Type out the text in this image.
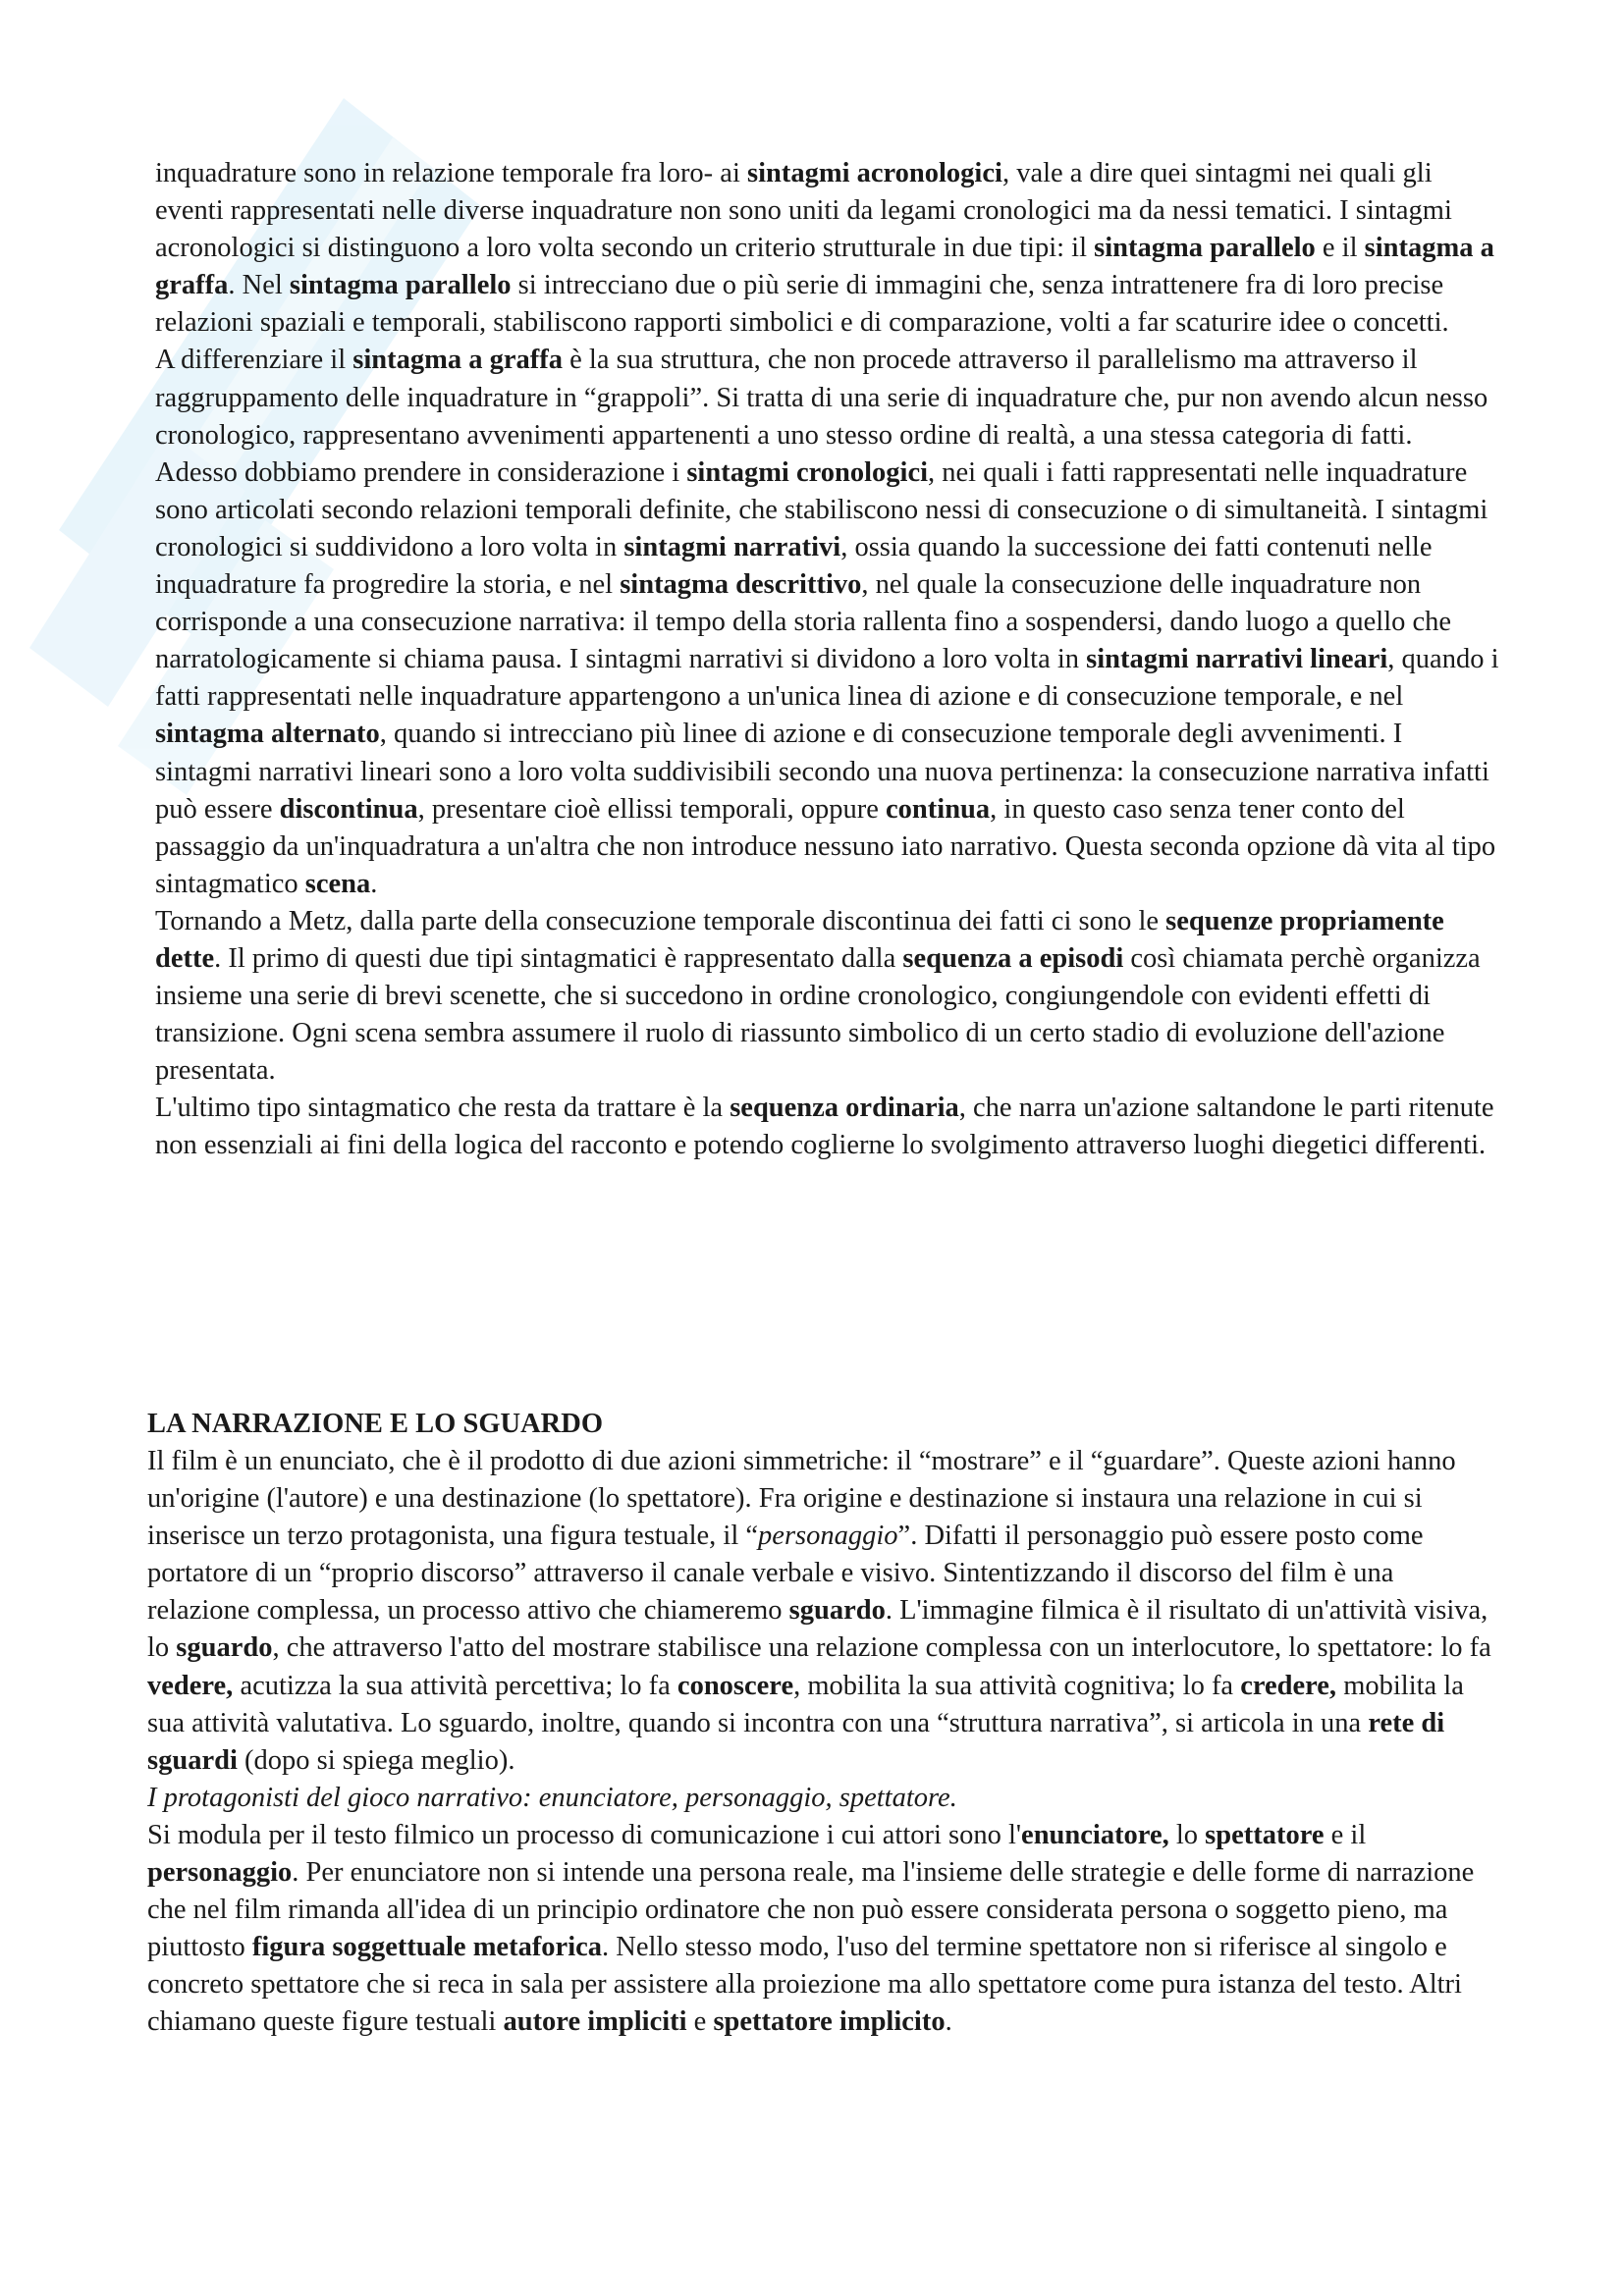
inquadrature sono in relazione temporale fra loro- ai sintagmi acronologici, vale a dire quei sintagmi nei quali gli eventi rappresentati nelle diverse inquadrature non sono uniti da legami cronologici ma da nessi tematici. I sintagmi acronologici si distinguono a loro volta secondo un criterio strutturale in due tipi: il sintagma parallelo e il sintagma a graffa. Nel sintagma parallelo si intrecciano due o più serie di immagini che, senza intrattenere fra di loro precise relazioni spaziali e temporali, stabiliscono rapporti simbolici e di comparazione, volti a far scaturire idee o concetti.

A differenziare il sintagma a graffa è la sua struttura, che non procede attraverso il parallelismo ma attraverso il raggruppamento delle inquadrature in “grappoli”. Si tratta di una serie di inquadrature che, pur non avendo alcun nesso cronologico, rappresentano avvenimenti appartenenti a uno stesso ordine di realtà, a una stessa categoria di fatti.

Adesso dobbiamo prendere in considerazione i sintagmi cronologici, nei quali i fatti rappresentati nelle inquadrature sono articolati secondo relazioni temporali definite, che stabiliscono nessi di consecuzione o di simultaneità. I sintagmi cronologici si suddividono a loro volta in sintagmi narrativi, ossia quando la successione dei fatti contenuti nelle inquadrature fa progredire la storia, e nel sintagma descrittivo, nel quale la consecuzione delle inquadrature non corrisponde a una consecuzione narrativa: il tempo della storia rallenta fino a sospendersi, dando luogo a quello che narratologicamente si chiama pausa. I sintagmi narrativi si dividono a loro volta in sintagmi narrativi lineari, quando i fatti rappresentati nelle inquadrature appartengono a un'unica linea di azione e di consecuzione temporale, e nel sintagma alternato, quando si intrecciano più linee di azione e di consecuzione temporale degli avvenimenti. I sintagmi narrativi lineari sono a loro volta suddivisibili secondo una nuova pertinenza: la consecuzione narrativa infatti può essere discontinua, presentare cioè ellissi temporali, oppure continua, in questo caso senza tener conto del passaggio da un'inquadratura a un'altra che non introduce nessuno iato narrativo. Questa seconda opzione dà vita al tipo sintagmatico scena.

Tornando a Metz, dalla parte della consecuzione temporale discontinua dei fatti ci sono le sequenze propriamente dette. Il primo di questi due tipi sintagmatici è rappresentato dalla sequenza a episodi così chiamata perchè organizza insieme una serie di brevi scenette, che si succedono in ordine cronologico, congiungendole con evidenti effetti di transizione. Ogni scena sembra assumere il ruolo di riassunto simbolico di un certo stadio di evoluzione dell'azione presentata.

L'ultimo tipo sintagmatico che resta da trattare è la sequenza ordinaria, che narra un'azione saltandone le parti ritenute non essenziali ai fini della logica del racconto e potendo coglierne lo svolgimento attraverso luoghi diegetici differenti.

LA NARRAZIONE E LO SGUARDO

Il film è un enunciato, che è il prodotto di due azioni simmetriche: il “mostrare” e il “guardare”. Queste azioni hanno un'origine (l'autore) e una destinazione (lo spettatore). Fra origine e destinazione si instaura una relazione in cui si inserisce un terzo protagonista, una figura testuale, il “personaggio”. Difatti il personaggio può essere posto come portatore di un “proprio discorso” attraverso il canale verbale e visivo. Sintentizzando il discorso del film è una relazione complessa, un processo attivo che chiameremo sguardo. L'immagine filmica è il risultato di un'attività visiva, lo sguardo, che attraverso l'atto del mostrare stabilisce una relazione complessa con un interlocutore, lo spettatore: lo fa vedere, acutizza la sua attività percettiva; lo fa conoscere, mobilita la sua attività cognitiva; lo fa credere, mobilita la sua attività valutativa. Lo sguardo, inoltre, quando si incontra con una “struttura narrativa”, si articola in una rete di sguardi (dopo si spiega meglio).

I protagonisti del gioco narrativo: enunciatore, personaggio, spettatore.

Si modula per il testo filmico un processo di comunicazione i cui attori sono l'enunciatore, lo spettatore e il personaggio. Per enunciatore non si intende una persona reale, ma l'insieme delle strategie e delle forme di narrazione che nel film rimanda all'idea di un principio ordinatore che non può essere considerata persona o soggetto pieno, ma piuttosto figura soggettuale metaforica. Nello stesso modo, l'uso del termine spettatore non si riferisce al singolo e concreto spettatore che si reca in sala per assistere alla proiezione ma allo spettatore come pura istanza del testo. Altri chiamano queste figure testuali autore impliciti e spettatore implicito.
